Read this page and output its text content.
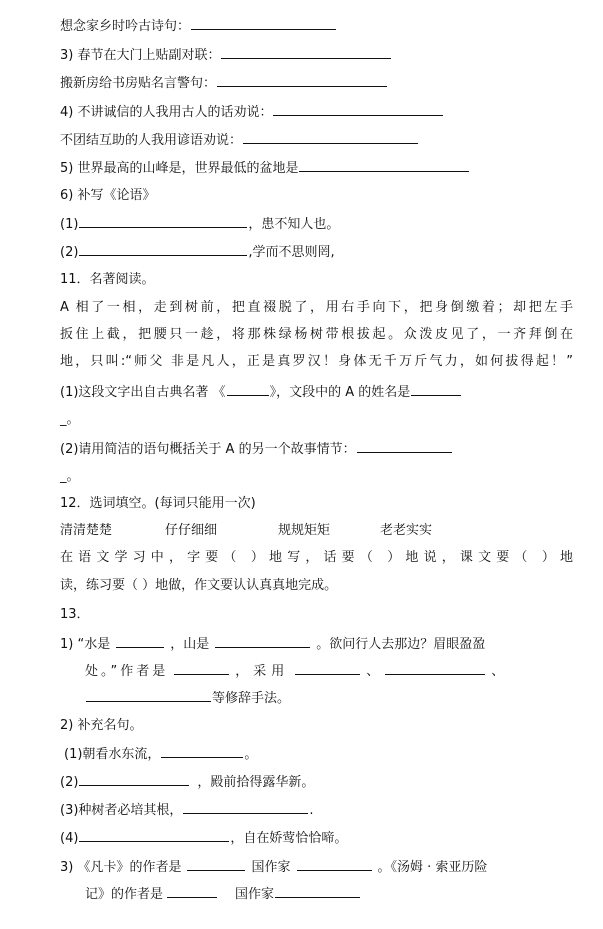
想念家乡时吟古诗句：
3) 春节在大门上贴副对联：
搬新房给书房贴名言警句：
4) 不讲诚信的人我用古人的话劝说：
不团结互助的人我用谚语劝说：
5) 世界最高的山峰是，世界最低的盆地是
6) 补写《论语》
(1)	，患不知人也。
(2)	,学而不思则罔,
11．名著阅读。
A 相了一相，走到树前，把直裰脱了，用右手向下，把身倒缴着；却把左手
扳住上截，把腰只一趁，将那株绿杨树带根拔起。众泼皮见了，一齐拜倒在
地，只叫:“师父 非是凡人，正是真罗汉！身体无千万斤气力，如何拔得起！”
(1)这段文字出自古典名著 《	》，文段中的 A 的姓名是
_。
(2)请用简洁的语句概括关于 A 的另一个故事情节：
_。
12．选词填空。(每词只能用一次)
清清楚楚	仔仔细细	规规矩矩	老老实实
在语文学习中，字要（ ）地写，话要（ ）地说，课文要（ ）地
读，练习要（ ）地做，作文要认认真真地完成。
13．
1) “水是	，山是	。欲问行人去那边？眉眼盈盈
处。”作者是	，采用	、	、
等修辞手法。
2) 补充名句。
(1)朝看水东流，	。
(2)	，殿前拾得露华新。
(3)种树者必培其根，	.
(4)	，自在娇莺恰恰啼。
3) 《凡卡》的作者是	国作家	。《汤姆 · 索亚历险
记》的作者是	国作家
